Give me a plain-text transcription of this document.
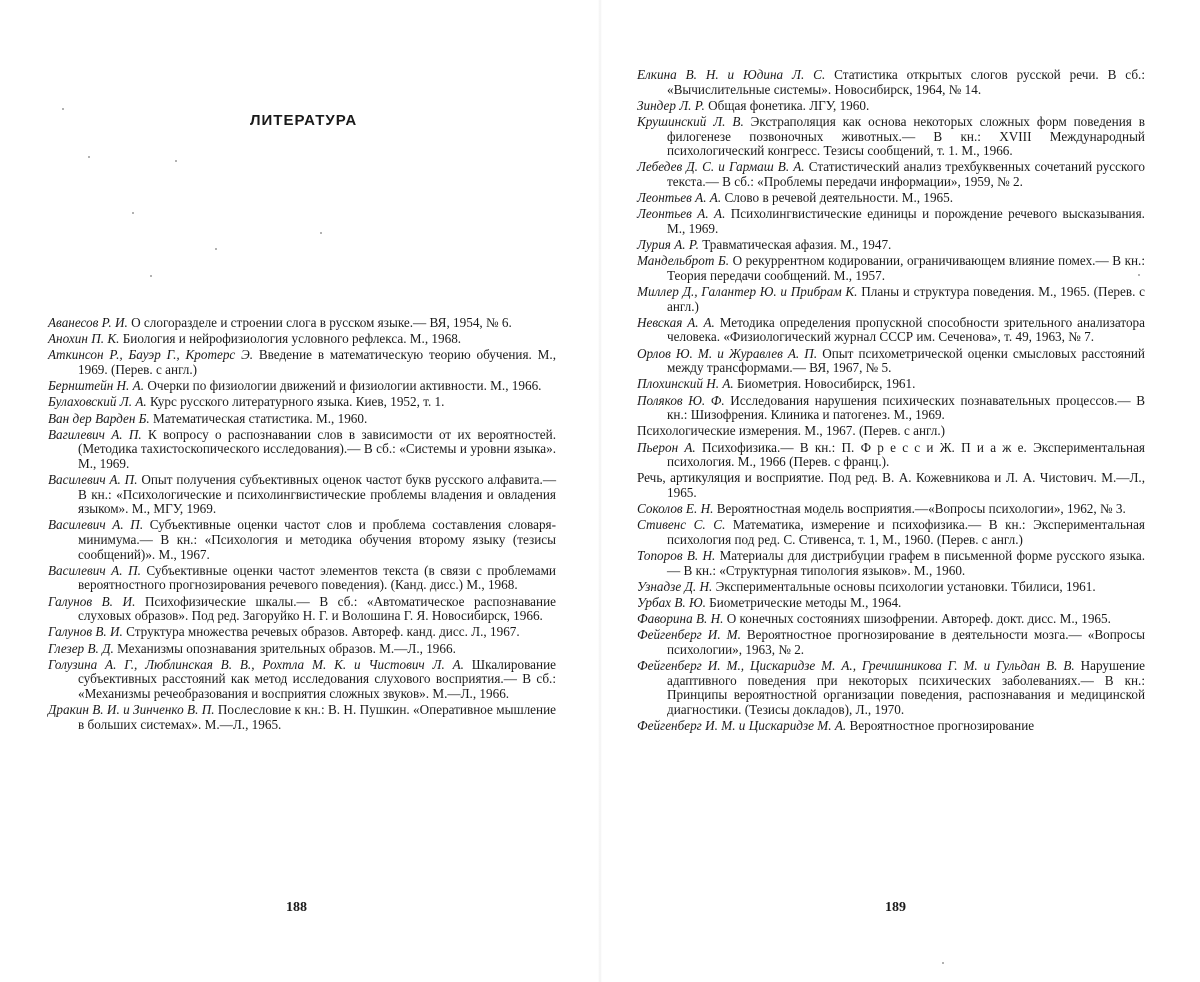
ЛИТЕРАТУРА
Аванесов Р. И. О слогоразделе и строении слога в русском языке.— ВЯ, 1954, № 6.
Анохин П. К. Биология и нейрофизиология условного рефлекса. М., 1968.
Аткинсон Р., Бауэр Г., Кротерс Э. Введение в математическую теорию обучения. М., 1969. (Перев. с англ.)
Бернштейн Н. А. Очерки по физиологии движений и физиологии активности. М., 1966.
Булаховский Л. А. Курс русского литературного языка. Киев, 1952, т. 1.
Ван дер Варден Б. Математическая статистика. М., 1960.
Вагилевич А. П. К вопросу о распознавании слов в зависимости от их вероятностей. (Методика тахистоскопического исследования).— В сб.: «Системы и уровни языка». М., 1969.
Василевич А. П. Опыт получения субъективных оценок частот букв русского алфавита.— В кн.: «Психологические и психолингвистические проблемы владения и овладения языком». М., МГУ, 1969.
Василевич А. П. Субъективные оценки частот слов и проблема составления словаря-минимума.— В кн.: «Психология и методика обучения второму языку (тезисы сообщений)». М., 1967.
Василевич А. П. Субъективные оценки частот элементов текста (в связи с проблемами вероятностного прогнозирования речевого поведения). (Канд. дисс.) М., 1968.
Галунов В. И. Психофизические шкалы.— В сб.: «Автоматическое распознавание слуховых образов». Под ред. Загоруйко Н. Г. и Волошина Г. Я. Новосибирск, 1966.
Галунов В. И. Структура множества речевых образов. Автореф. канд. дисс. Л., 1967.
Глезер В. Д. Механизмы опознавания зрительных образов. М.—Л., 1966.
Голузина А. Г., Люблинская В. В., Рохтла М. К. и Чистович Л. А. Шкалирование субъективных расстояний как метод исследования слухового восприятия.— В сб.: «Механизмы речеобразования и восприятия сложных звуков». М.—Л., 1966.
Дракин В. И. и Зинченко В. П. Послесловие к кн.: В. Н. Пушкин. «Оперативное мышление в больших системах». М.—Л., 1965.
188
Елкина В. Н. и Юдина Л. С. Статистика открытых слогов русской речи. В сб.: «Вычислительные системы». Новосибирск, 1964, № 14.
Зиндер Л. Р. Общая фонетика. ЛГУ, 1960.
Крушинский Л. В. Экстраполяция как основа некоторых сложных форм поведения в филогенезе позвоночных животных.— В кн.: XVIII Международный психологический конгресс. Тезисы сообщений, т. 1. М., 1966.
Лебедев Д. С. и Гармаш В. А. Статистический анализ трехбуквенных сочетаний русского текста.— В сб.: «Проблемы передачи информации», 1959, № 2.
Леонтьев А. А. Слово в речевой деятельности. М., 1965.
Леонтьев А. А. Психолингвистические единицы и порождение речевого высказывания. М., 1969.
Лурия А. Р. Травматическая афазия. М., 1947.
Мандельброт Б. О рекуррентном кодировании, ограничивающем влияние помех.— В кн.: Теория передачи сообщений. М., 1957.
Миллер Д., Галантер Ю. и Прибрам К. Планы и структура поведения. М., 1965. (Перев. с англ.)
Невская А. А. Методика определения пропускной способности зрительного анализатора человека. «Физиологический журнал СССР им. Сеченова», т. 49, 1963, № 7.
Орлов Ю. М. и Журавлев А. П. Опыт психометрической оценки смысловых расстояний между трансформами.— ВЯ, 1967, № 5.
Плохинский Н. А. Биометрия. Новосибирск, 1961.
Поляков Ю. Ф. Исследования нарушения психических познавательных процессов.— В кн.: Шизофрения. Клиника и патогенез. М., 1969.
Психологические измерения. М., 1967. (Перев. с англ.)
Пьерон А. Психофизика.— В кн.: П. Ф р е с с и Ж. П и а ж е. Экспериментальная психология. М., 1966 (Перев. с франц.).
Речь, артикуляция и восприятие. Под ред. В. А. Кожевникова и Л. А. Чистович. М.—Л., 1965.
Соколов Е. Н. Вероятностная модель восприятия.—«Вопросы психологии», 1962, № 3.
Стивенс С. С. Математика, измерение и психофизика.— В кн.: Экспериментальная психология под ред. С. Стивенса, т. 1, М., 1960. (Перев. с англ.)
Топоров В. Н. Материалы для дистрибуции графем в письменной форме русского языка.— В кн.: «Структурная типология языков». М., 1960.
Узнадзе Д. Н. Экспериментальные основы психологии установки. Тбилиси, 1961.
Урбах В. Ю. Биометрические методы М., 1964.
Фаворина В. Н. О конечных состояниях шизофрении. Автореф. докт. дисс. М., 1965.
Фейгенберг И. М. Вероятностное прогнозирование в деятельности мозга.— «Вопросы психологии», 1963, № 2.
Фейгенберг И. М., Цискаридзе М. А., Гречишникова Г. М. и Гульдан В. В. Нарушение адаптивного поведения при некоторых психических заболеваниях.— В кн.: Принципы вероятностной организации поведения, распознавания и медицинской диагностики. (Тезисы докладов), Л., 1970.
Фейгенберг И. М. и Цискаридзе М. А. Вероятностное прогнозирование
189
